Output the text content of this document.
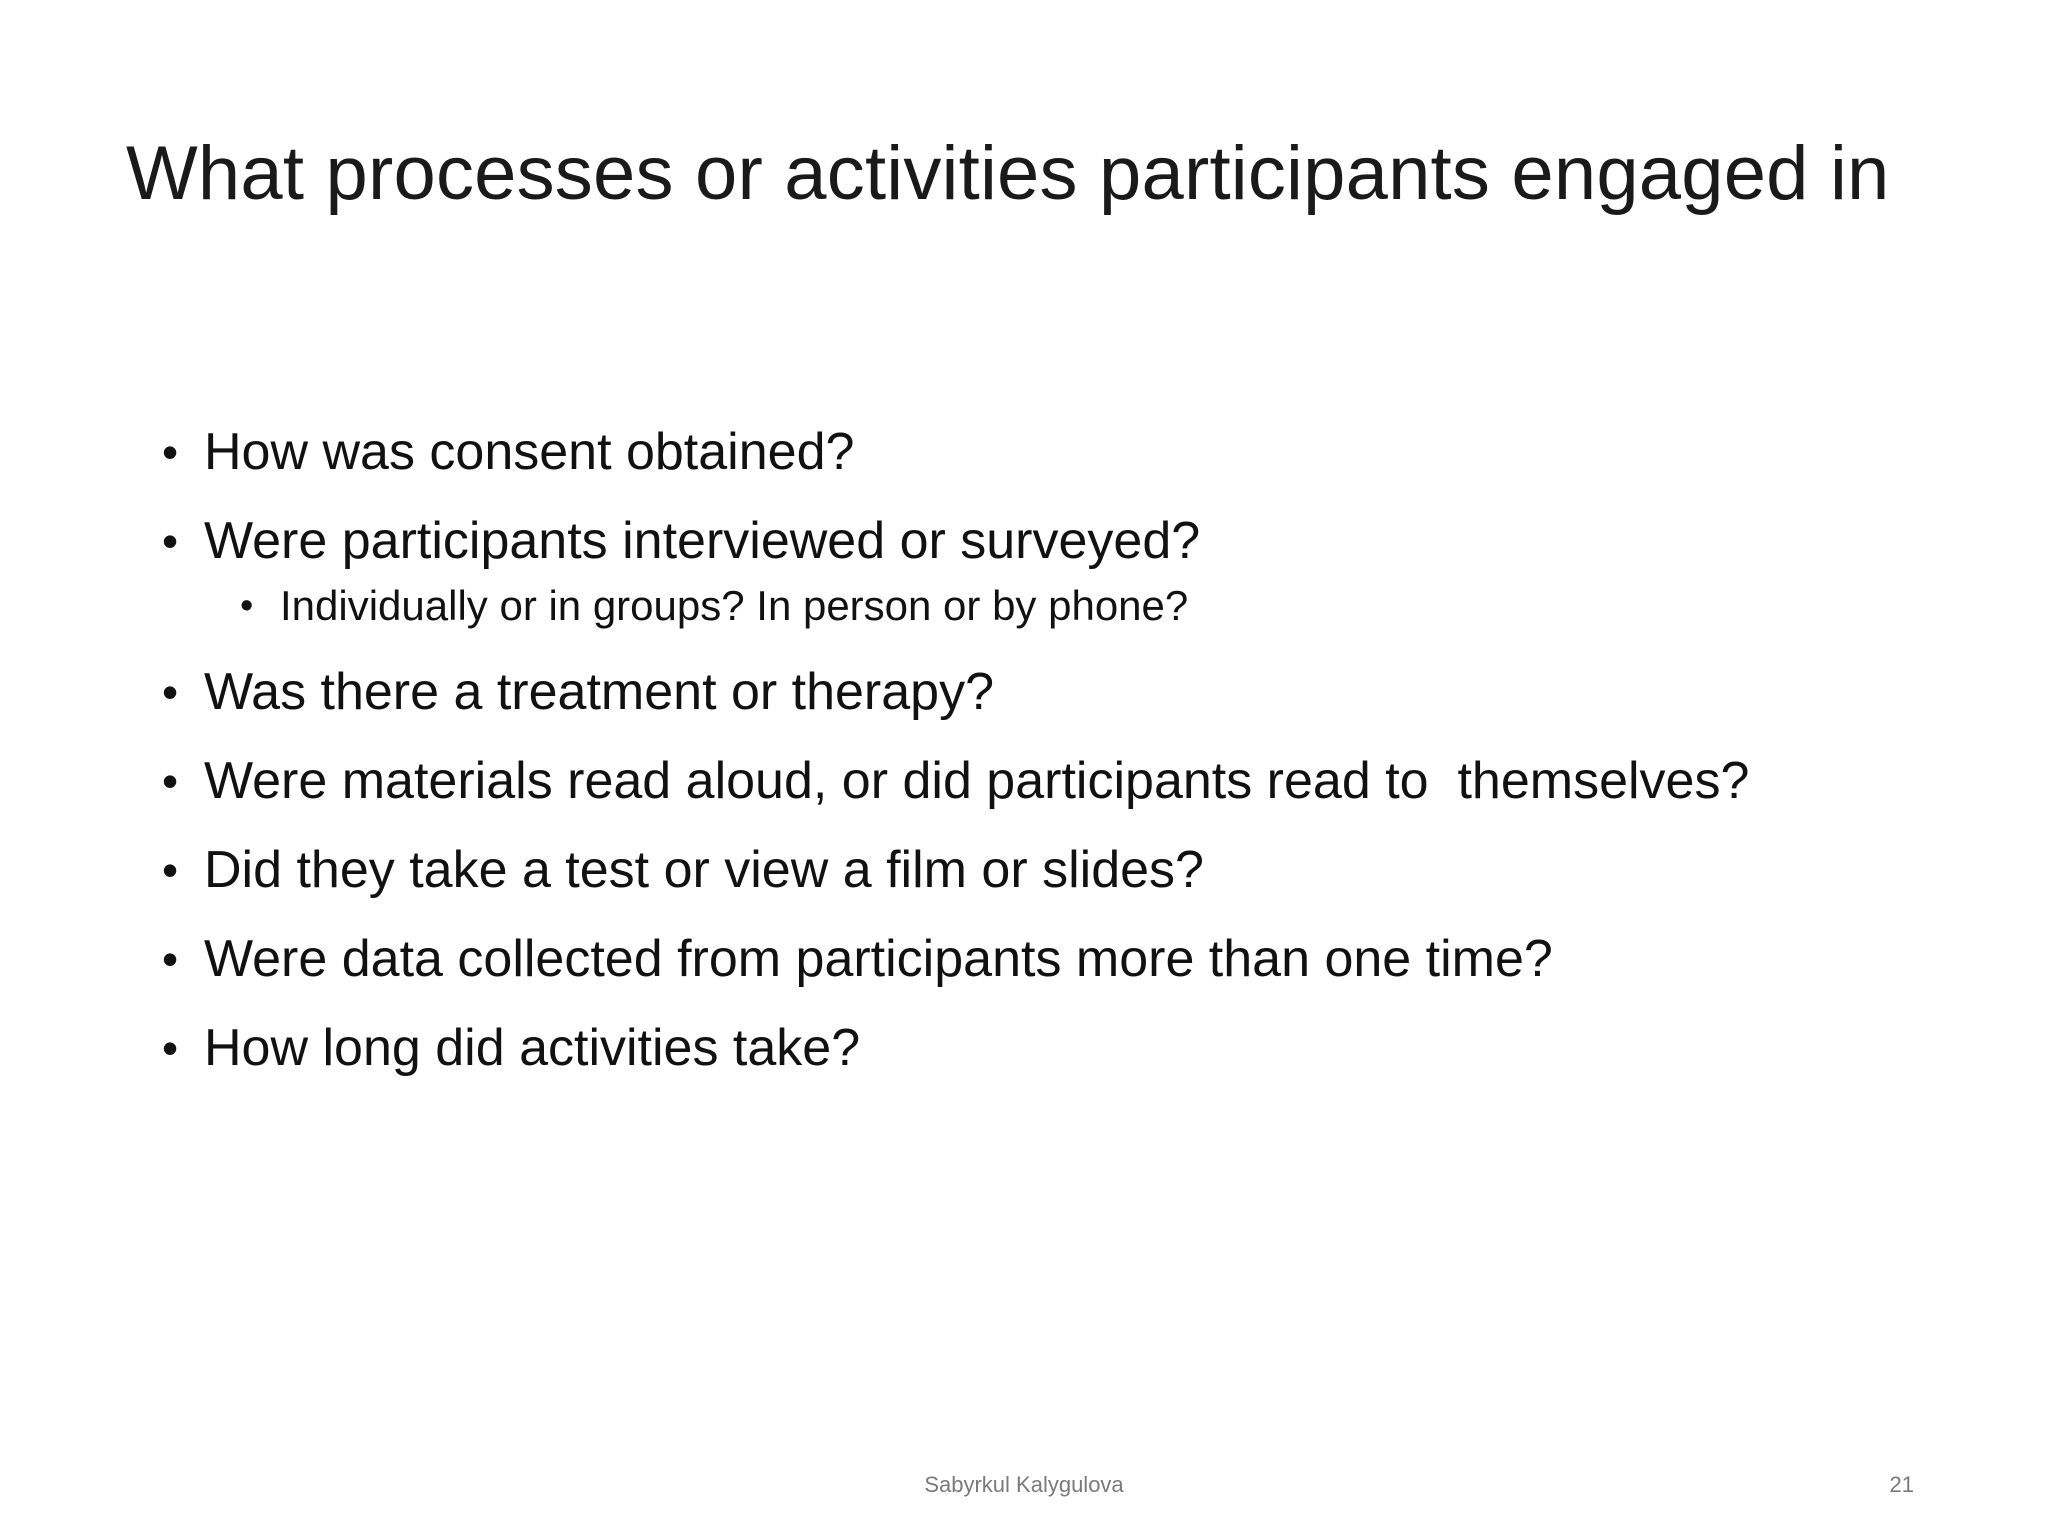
What processes or activities participants engaged in
• How was consent obtained?
• Were participants interviewed or surveyed?
• Individually or in groups? In person or by phone?
• Was there a treatment or therapy?
• Were materials read aloud, or did participants read to  themselves?
• Did they take a test or view a film or slides?
• Were data collected from participants more than one time?
• How long did activities take?
Sabyrkul Kalygulova	21
